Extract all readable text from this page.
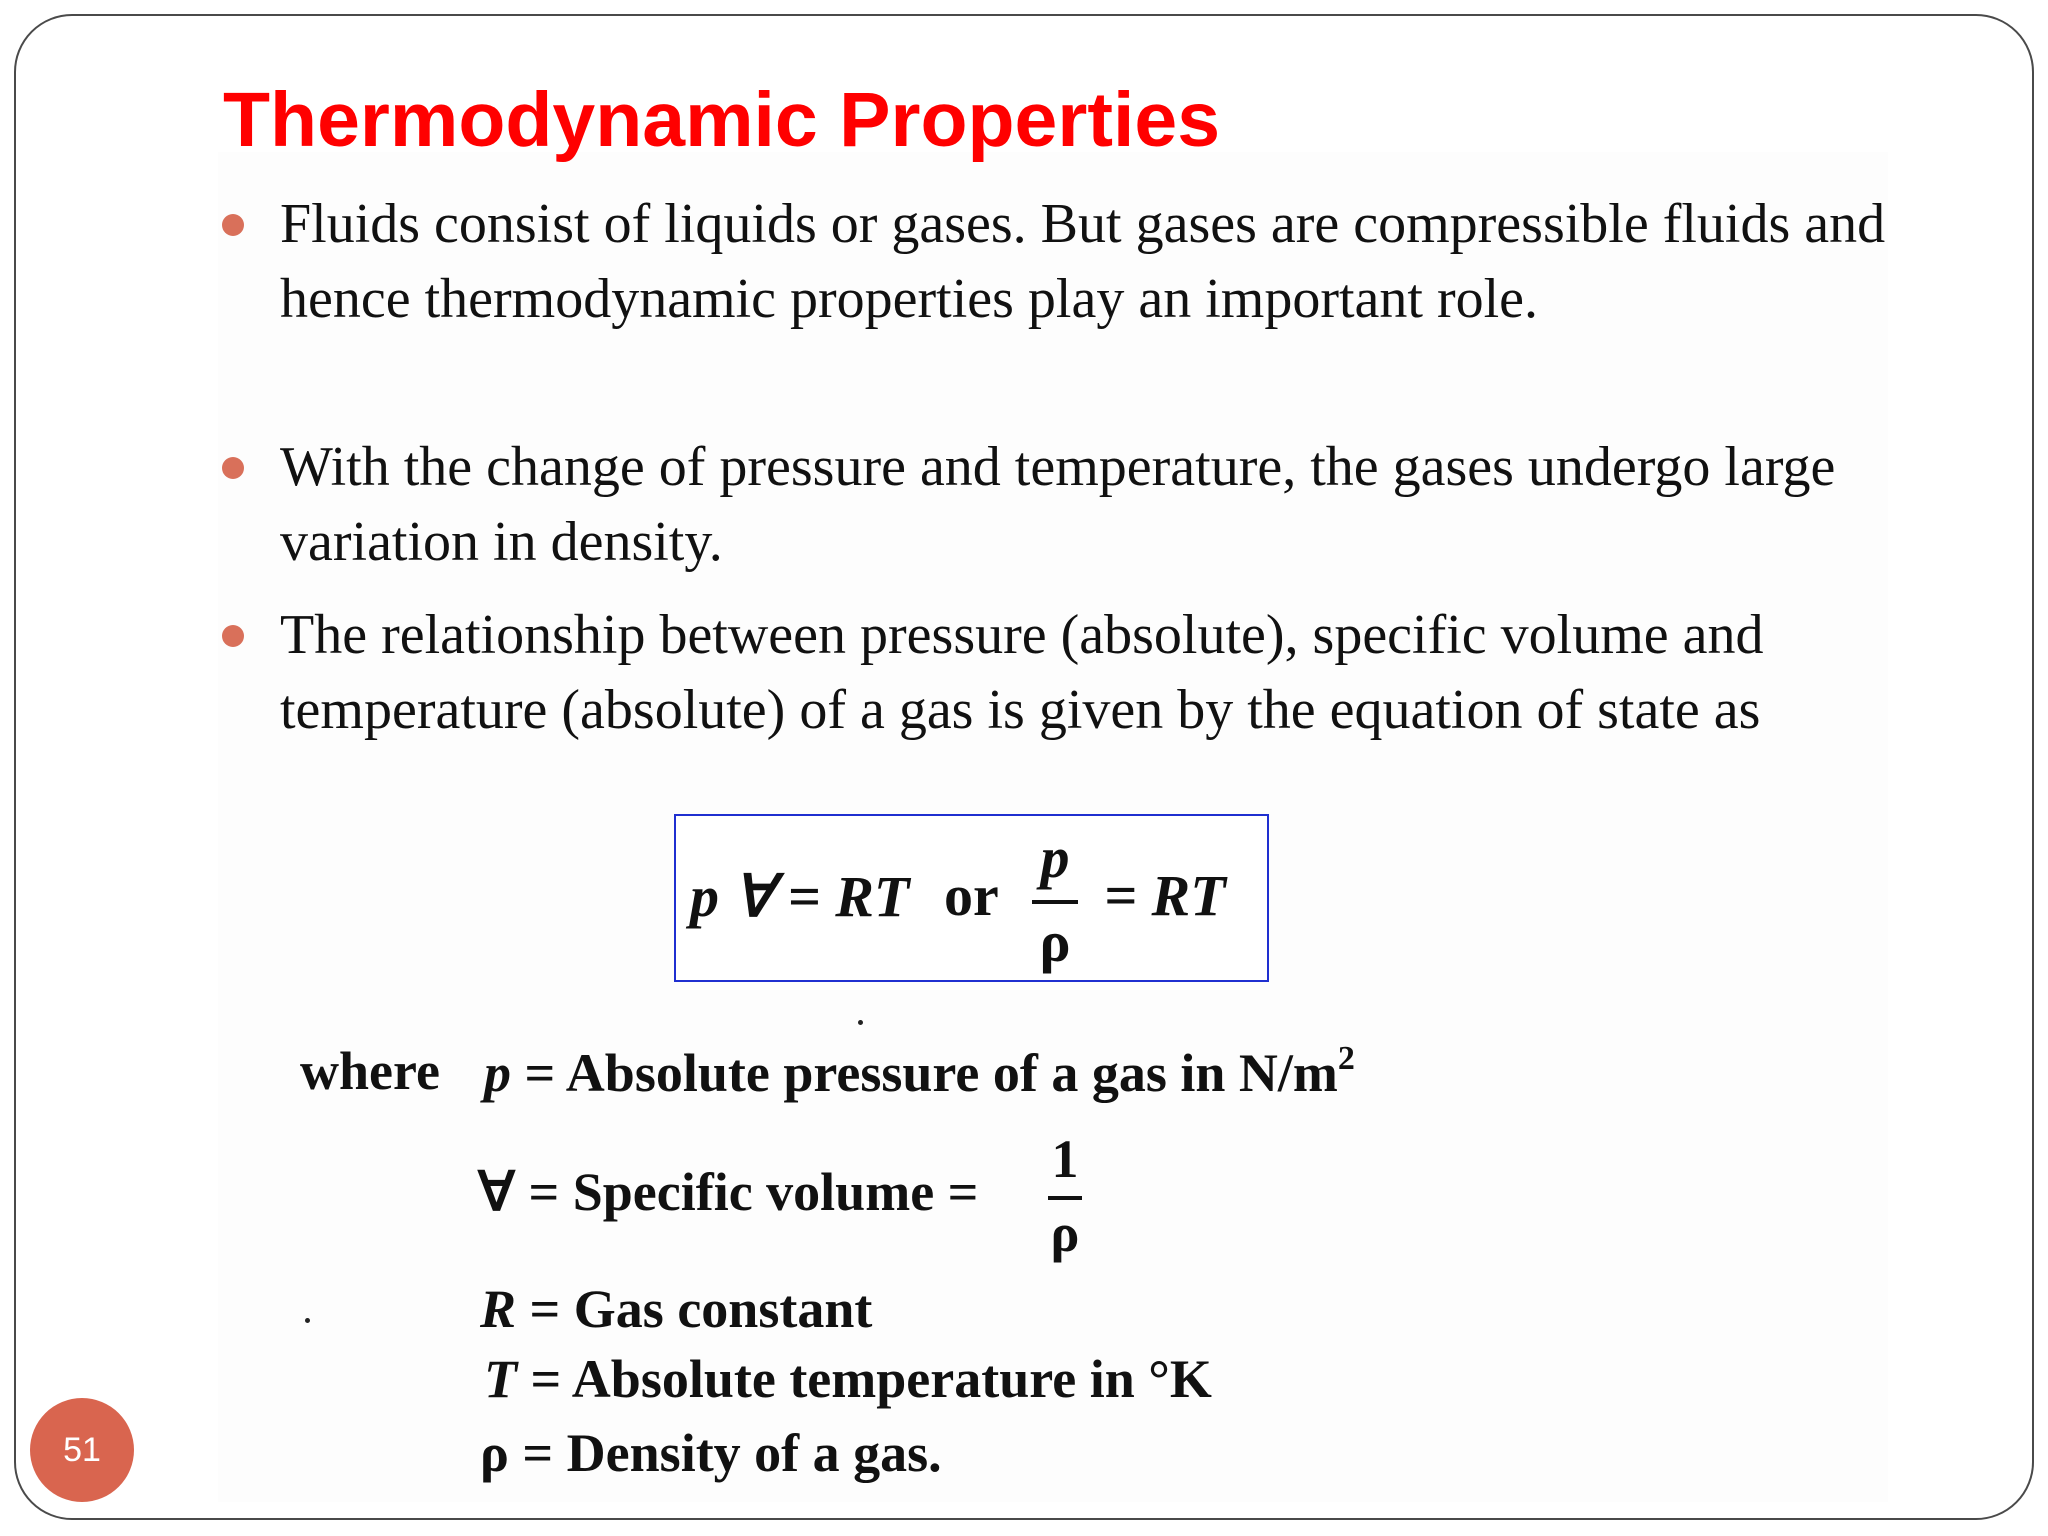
Thermodynamic Properties
Fluids consist of liquids or gases. But gases are compressible fluids and hence thermodynamic properties play an important role.
With the change of pressure and temperature, the gases undergo large variation in density.
The relationship between pressure (absolute), specific volume and temperature (absolute) of a gas is given by the equation of state as
p ∀ = RT or
p
ρ
= RT
where p = Absolute pressure of a gas in $N/m^2$
∀ = Specific volume =
1
ρ
R = Gas constant
T = Absolute temperature in °K
ρ = Density of a gas.
51
